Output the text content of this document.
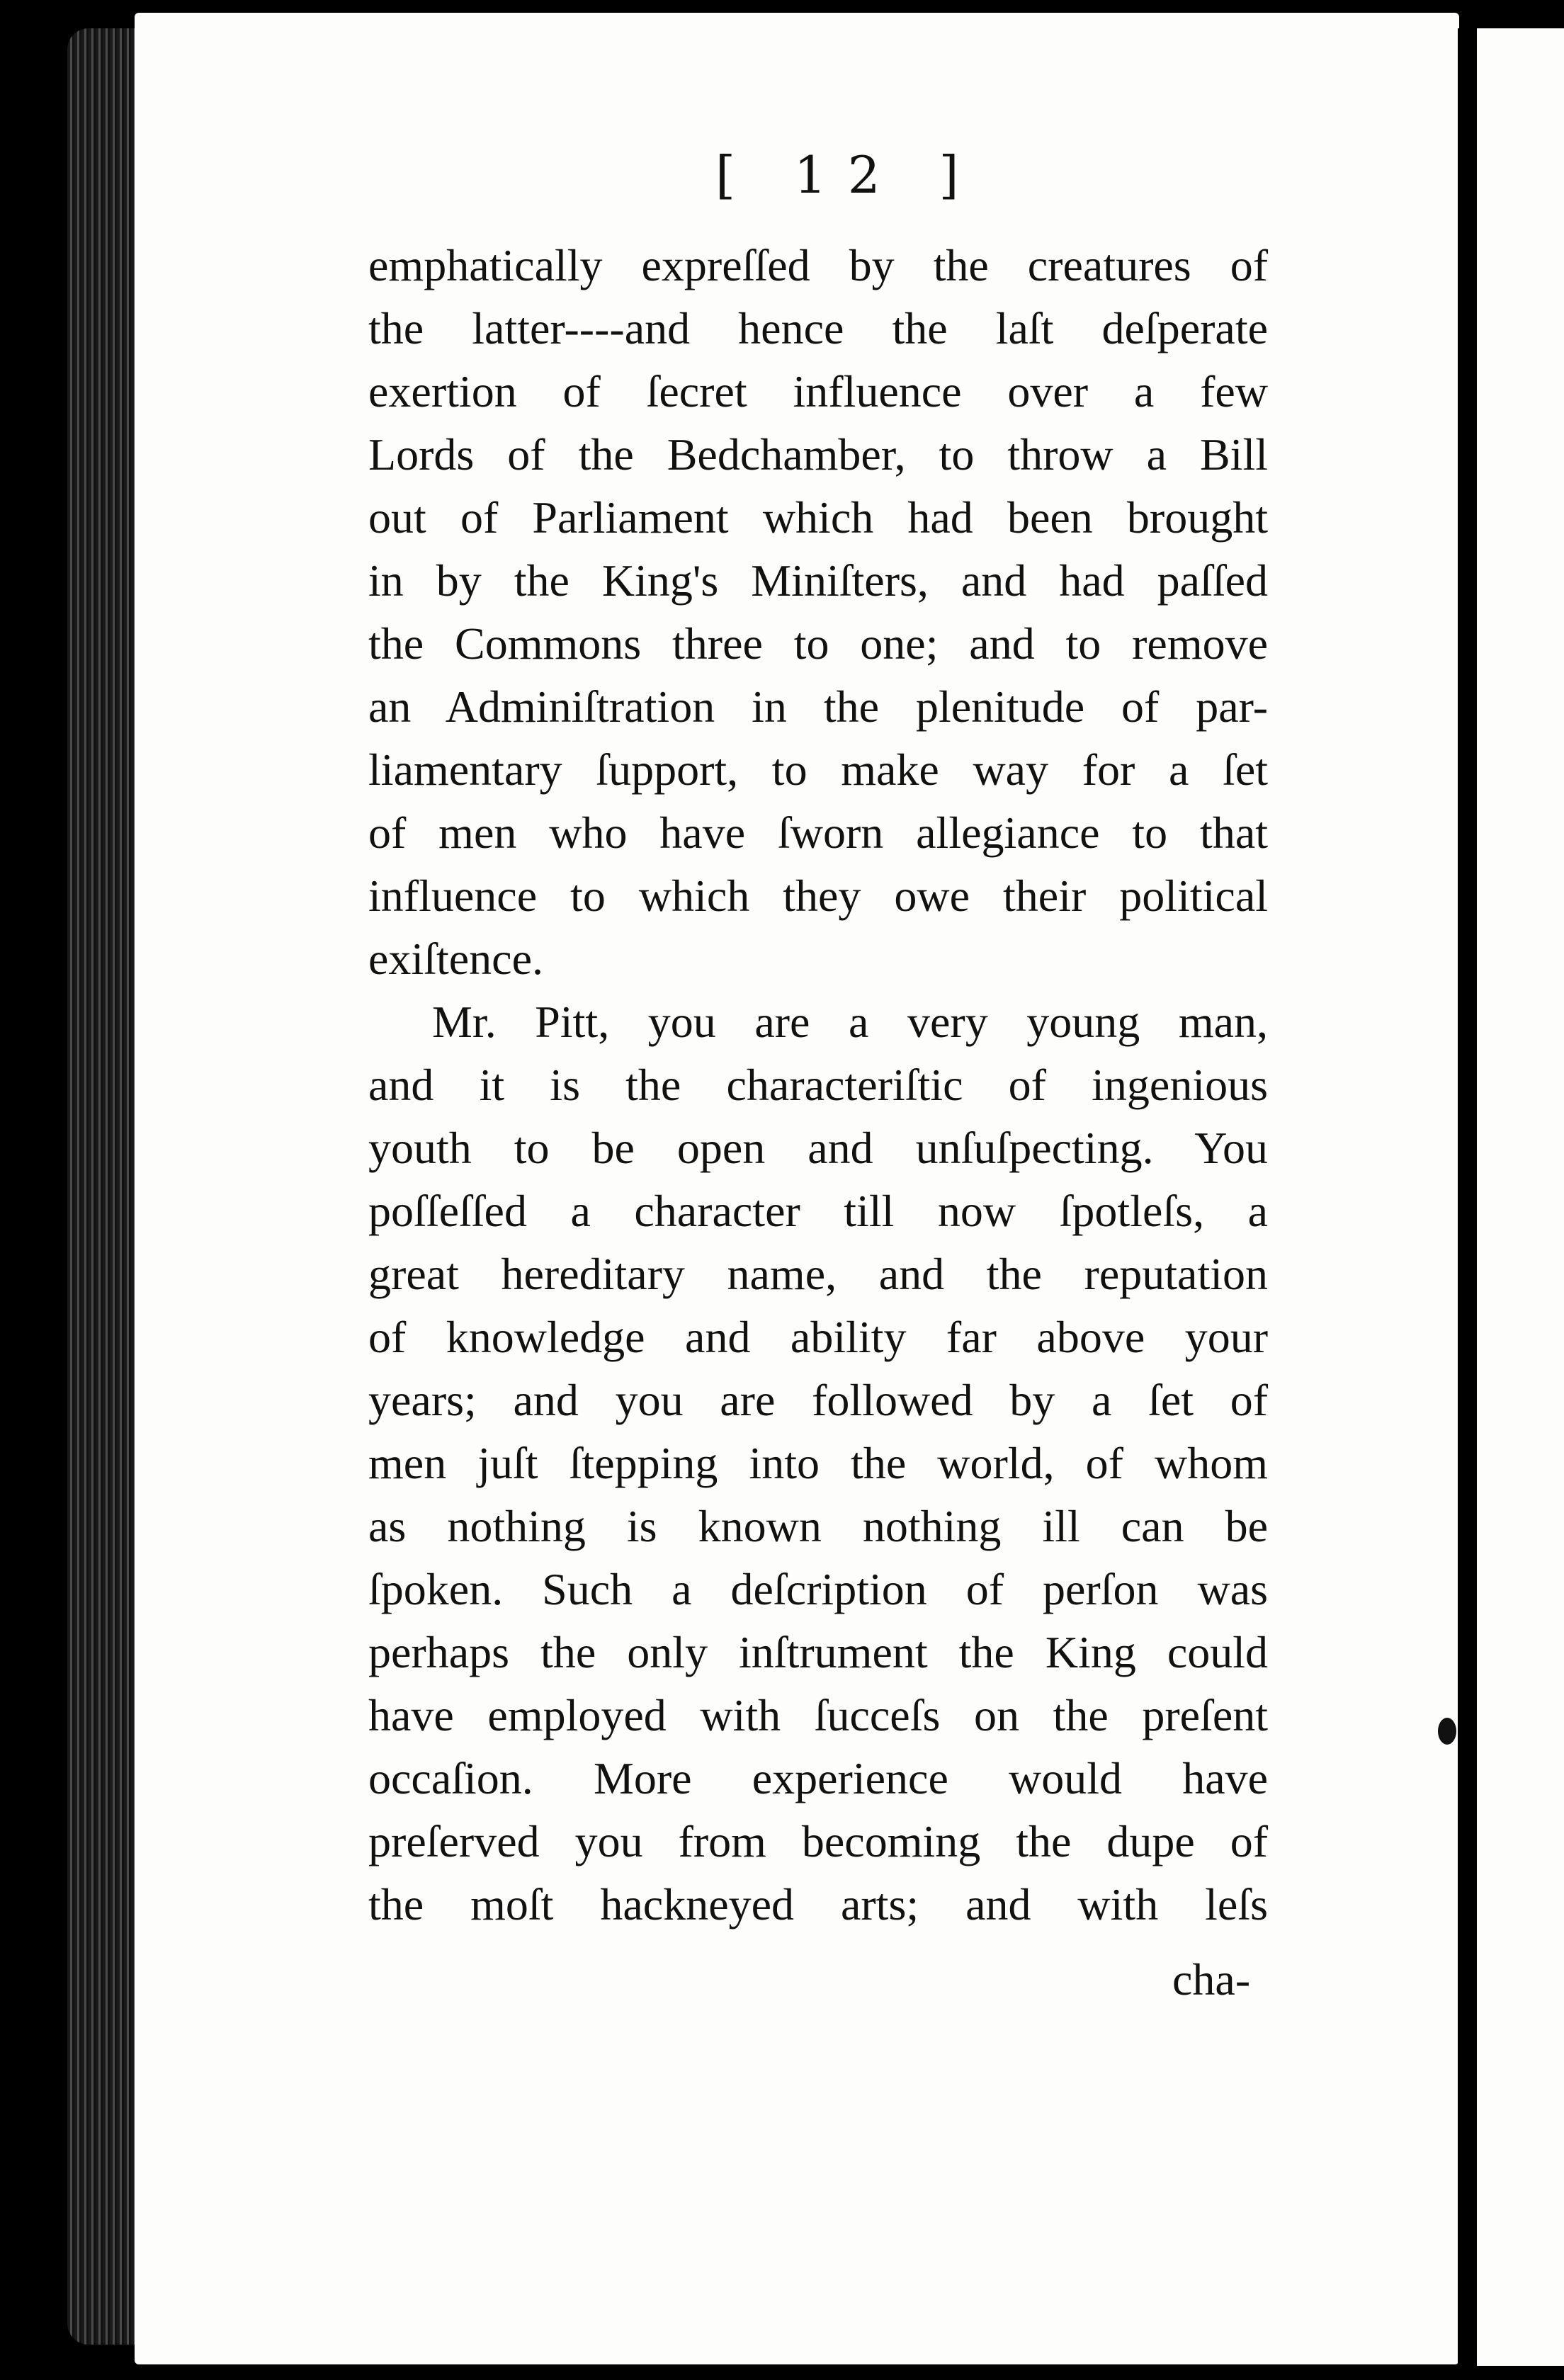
[ 12 ]
emphatically expreſſed by the creatures of
the latter----and hence the laſt deſperate
exertion of ſecret influence over a few
Lords of the Bedchamber, to throw a Bill
out of Parliament which had been brought
in by the King's Miniſters, and had paſſed
the Commons three to one; and to remove
an Adminiſtration in the plenitude of par-
liamentary ſupport, to make way for a ſet
of men who have ſworn allegiance to that
influence to which they owe their political
exiſtence.
Mr. Pitt, you are a very young man,
and it is the characteriſtic of ingenious
youth to be open and unſuſpecting. You
poſſeſſed a character till now ſpotleſs, a
great hereditary name, and the reputation
of knowledge and ability far above your
years; and you are followed by a ſet of
men juſt ſtepping into the world, of whom
as nothing is known nothing ill can be
ſpoken. Such a deſcription of perſon was
perhaps the only inſtrument the King could
have employed with ſucceſs on the preſent
occaſion. More experience would have
preſerved you from becoming the dupe of
the moſt hackneyed arts; and with leſs
cha-
